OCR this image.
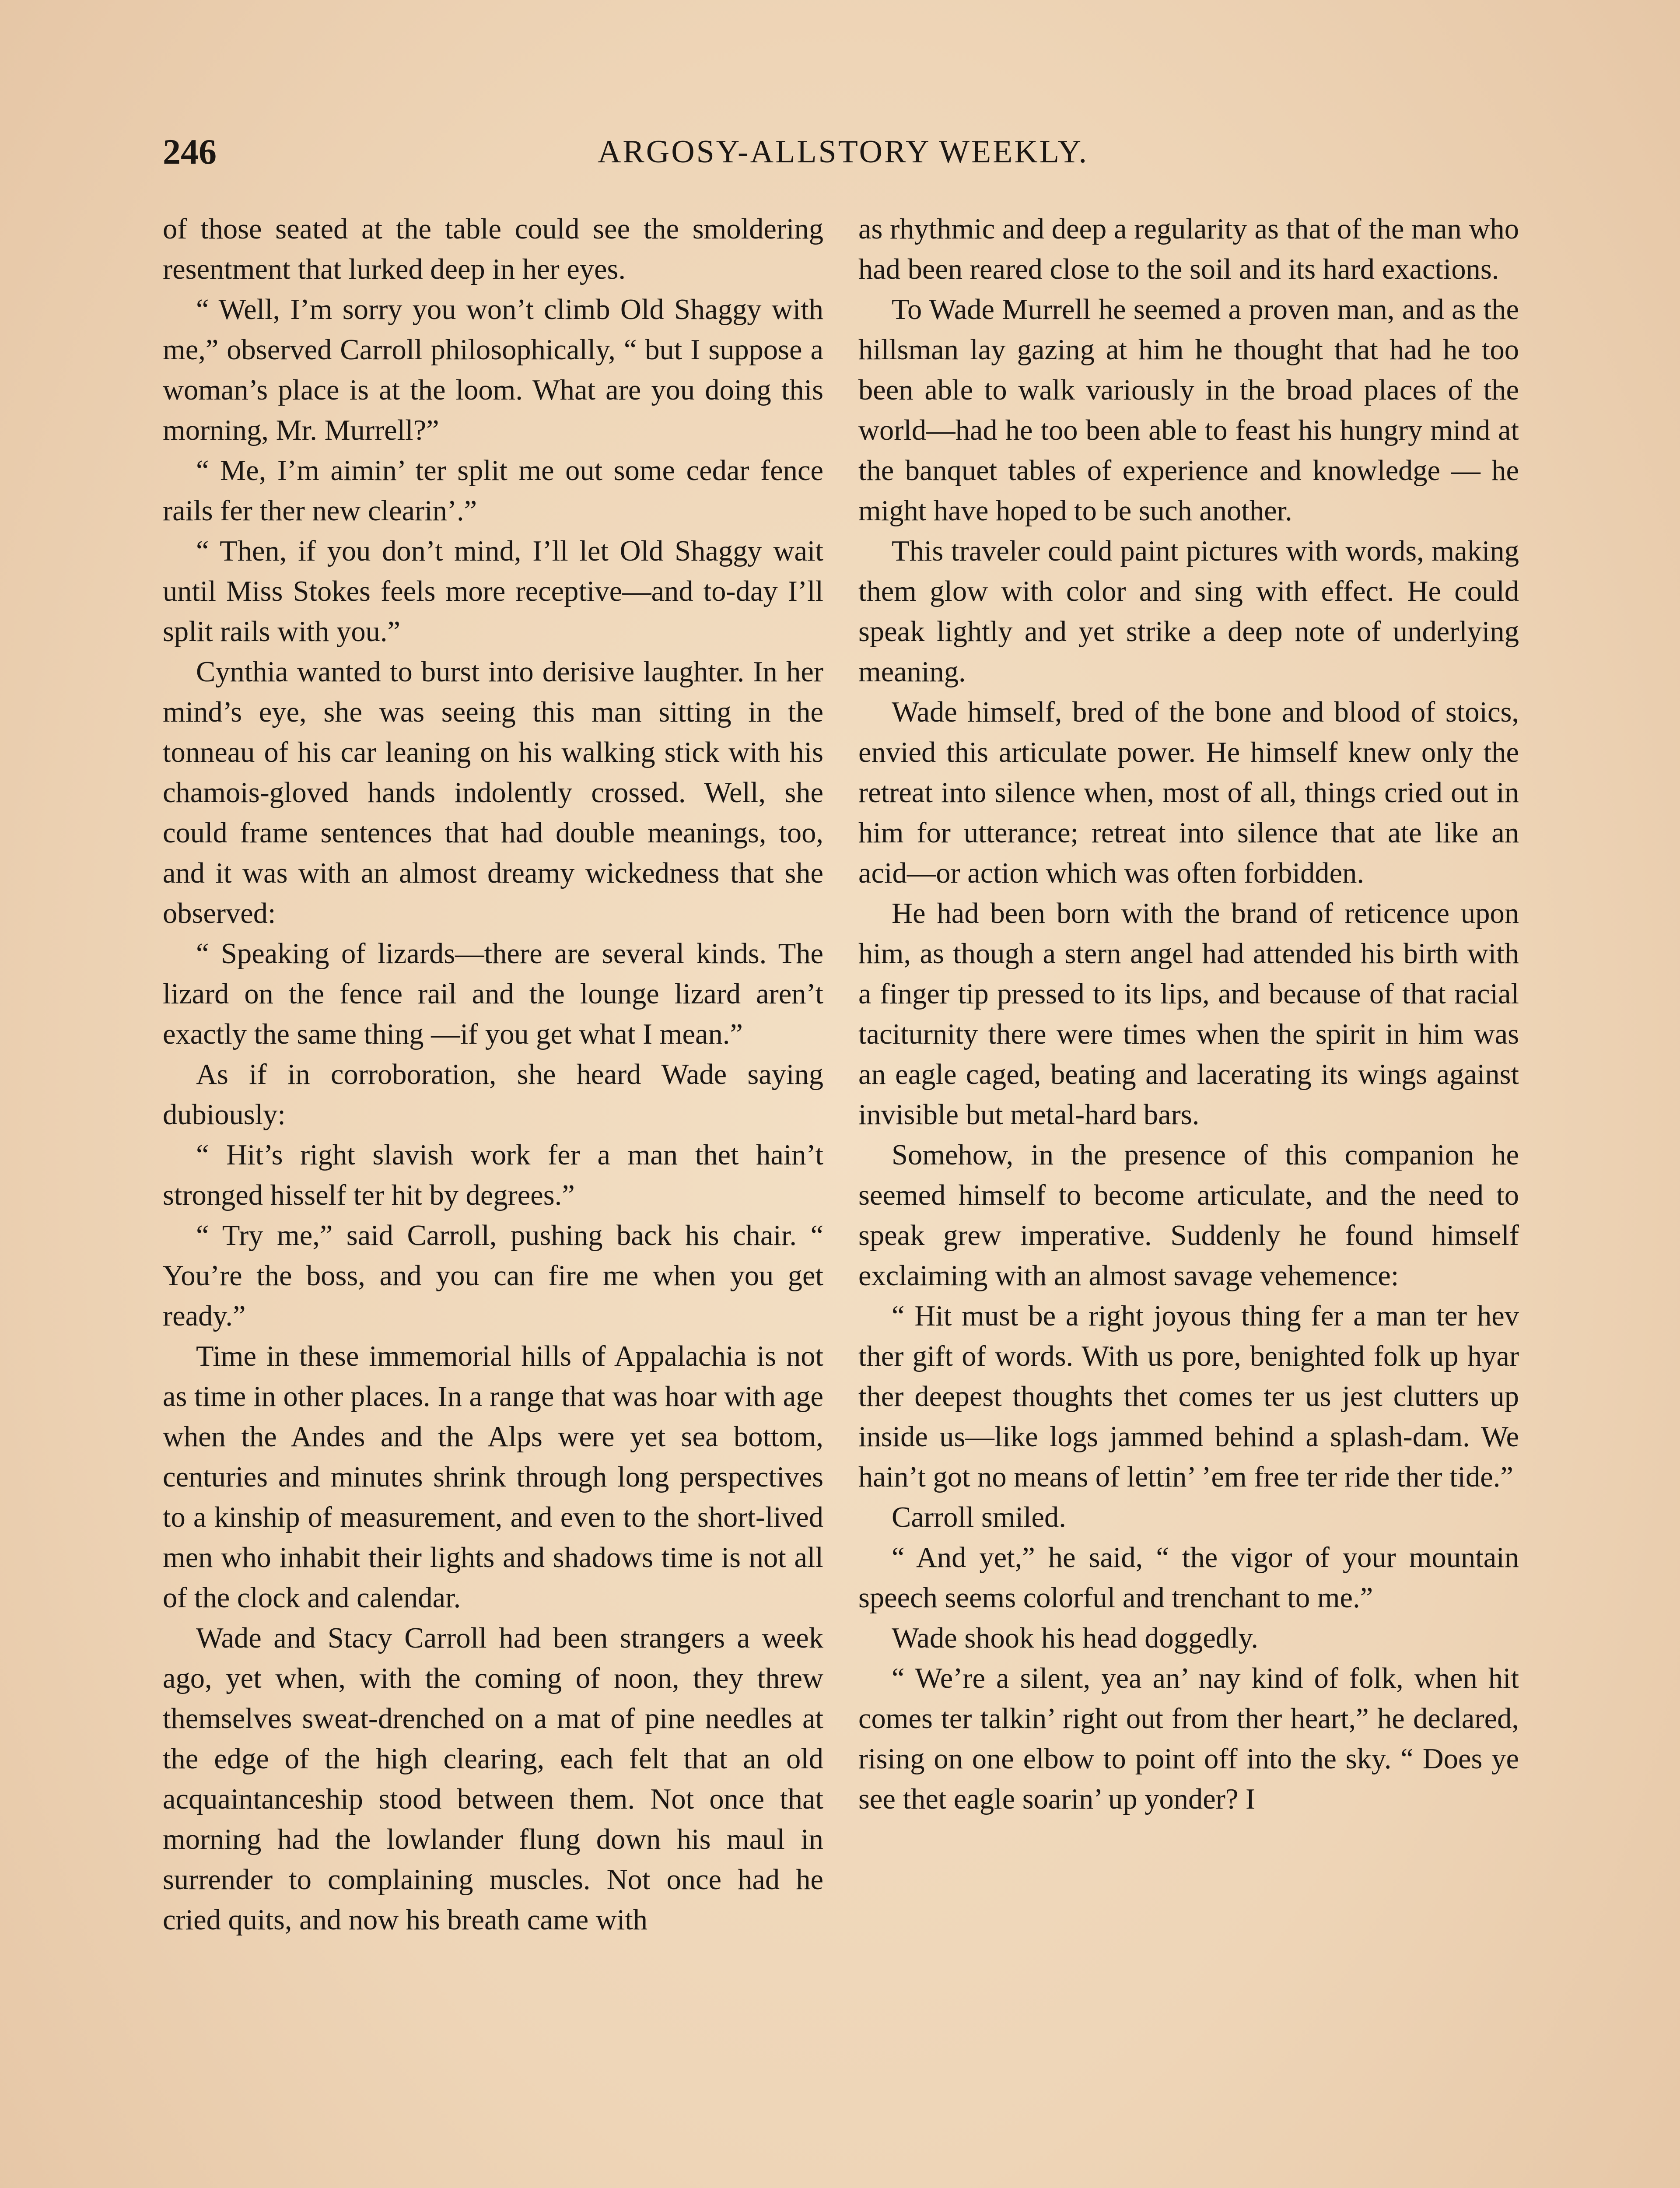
246	ARGOSY-ALLSTORY WEEKLY.

of those seated at the table could see the smoldering resentment that lurked deep in her eyes.

“ Well, I’m sorry you won’t climb Old Shaggy with me,” observed Carroll philosophically, “ but I suppose a woman’s place is at the loom. What are you doing this morning, Mr. Murrell?”

“ Me, I’m aimin’ ter split me out some cedar fence rails fer ther new clearin’.”

“ Then, if you don’t mind, I’ll let Old Shaggy wait until Miss Stokes feels more receptive—and to-day I’ll split rails with you.”

Cynthia wanted to burst into derisive laughter. In her mind’s eye, she was seeing this man sitting in the tonneau of his car leaning on his walking stick with his chamois-gloved hands indolently crossed. Well, she could frame sentences that had double meanings, too, and it was with an almost dreamy wickedness that she observed:

“ Speaking of lizards—there are several kinds. The lizard on the fence rail and the lounge lizard aren’t exactly the same thing —if you get what I mean.”

As if in corroboration, she heard Wade saying dubiously:

“ Hit’s right slavish work fer a man thet hain’t stronged hisself ter hit by degrees.”

“ Try me,” said Carroll, pushing back his chair. “ You’re the boss, and you can fire me when you get ready.”

Time in these immemorial hills of Appalachia is not as time in other places. In a range that was hoar with age when the Andes and the Alps were yet sea bottom, centuries and minutes shrink through long perspectives to a kinship of measurement, and even to the short-lived men who inhabit their lights and shadows time is not all of the clock and calendar.

Wade and Stacy Carroll had been strangers a week ago, yet when, with the coming of noon, they threw themselves sweat-drenched on a mat of pine needles at the edge of the high clearing, each felt that an old acquaintanceship stood between them. Not once that morning had the lowlander flung down his maul in surrender to complaining muscles. Not once had he cried quits, and now his breath came with

as rhythmic and deep a regularity as that of the man who had been reared close to the soil and its hard exactions.

To Wade Murrell he seemed a proven man, and as the hillsman lay gazing at him he thought that had he too been able to walk variously in the broad places of the world—had he too been able to feast his hungry mind at the banquet tables of experience and knowledge — he might have hoped to be such another.

This traveler could paint pictures with words, making them glow with color and sing with effect. He could speak lightly and yet strike a deep note of underlying meaning.

Wade himself, bred of the bone and blood of stoics, envied this articulate power. He himself knew only the retreat into silence when, most of all, things cried out in him for utterance; retreat into silence that ate like an acid—or action which was often forbidden.

He had been born with the brand of reticence upon him, as though a stern angel had attended his birth with a finger tip pressed to its lips, and because of that racial taciturnity there were times when the spirit in him was an eagle caged, beating and lacerating its wings against invisible but metal-hard bars.

Somehow, in the presence of this companion he seemed himself to become articulate, and the need to speak grew imperative. Suddenly he found himself exclaiming with an almost savage vehemence:

“ Hit must be a right joyous thing fer a man ter hev ther gift of words. With us pore, benighted folk up hyar ther deepest thoughts thet comes ter us jest clutters up inside us—like logs jammed behind a splash-dam. We hain’t got no means of lettin’ ’em free ter ride ther tide.”

Carroll smiled.

“ And yet,” he said, “ the vigor of your mountain speech seems colorful and trenchant to me.”

Wade shook his head doggedly.

“ We’re a silent, yea an’ nay kind of folk, when hit comes ter talkin’ right out from ther heart,” he declared, rising on one elbow to point off into the sky. “ Does ye see thet eagle soarin’ up yonder? I
